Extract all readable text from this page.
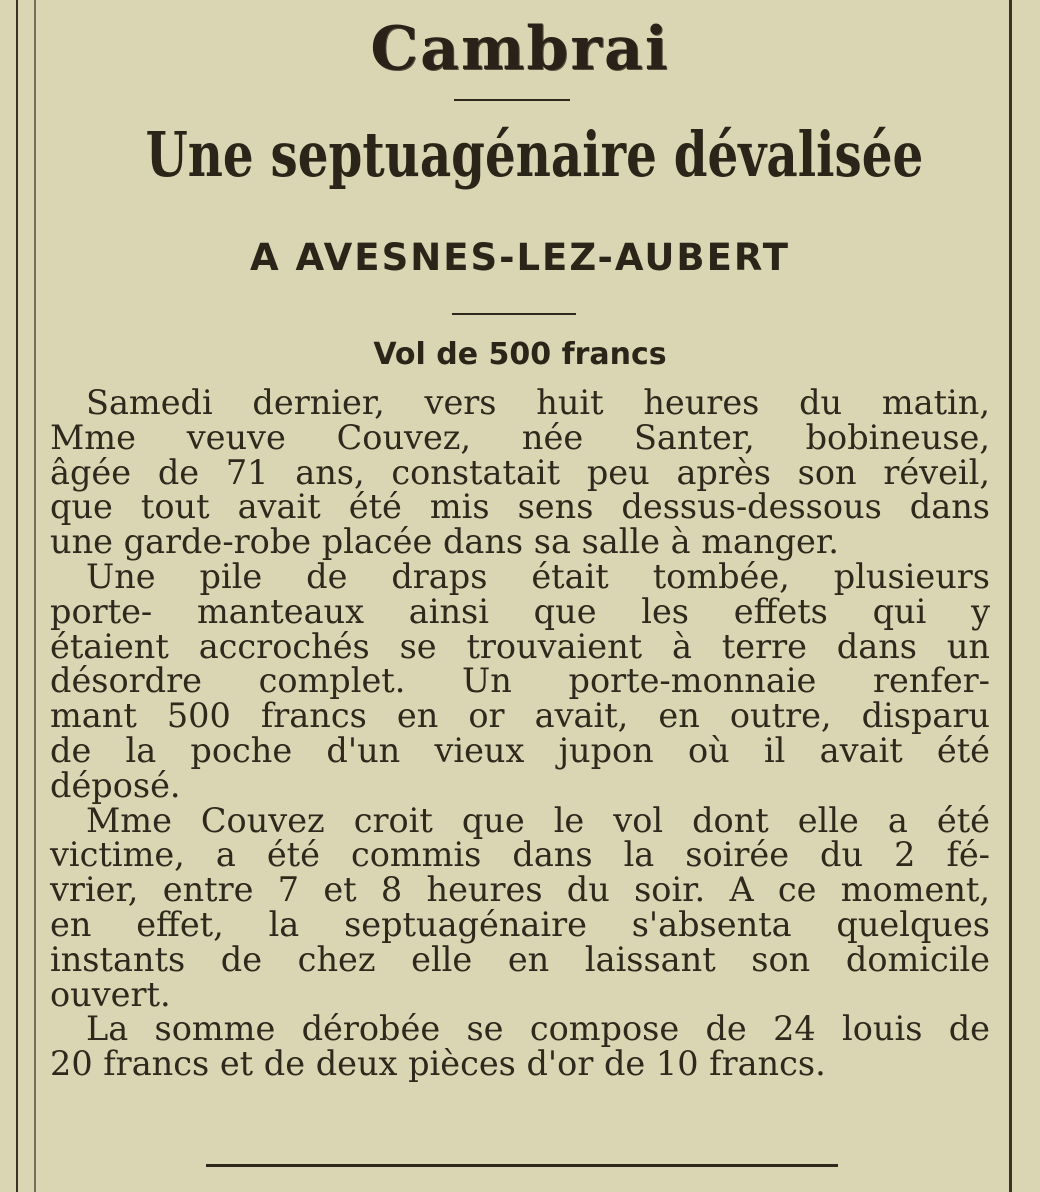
Cambrai
Une septuagénaire dévalisée
A AVESNES-LEZ-AUBERT
Vol de 500 francs
Samedi dernier, vers huit heures du matin,
Mme veuve Couvez, née Santer, bobineuse,
âgée de 71 ans, constatait peu après son réveil,
que tout avait été mis sens dessus-dessous dans
une garde-robe placée dans sa salle à manger.
Une pile de draps était tombée, plusieurs
porte- manteaux ainsi que les effets qui y
étaient accrochés se trouvaient à terre dans un
désordre complet. Un porte-monnaie renfer-
mant 500 francs en or avait, en outre, disparu
de la poche d'un vieux jupon où il avait été
déposé.
Mme Couvez croit que le vol dont elle a été
victime, a été commis dans la soirée du 2 fé-
vrier, entre 7 et 8 heures du soir. A ce moment,
en effet, la septuagénaire s'absenta quelques
instants de chez elle en laissant son domicile
ouvert.
La somme dérobée se compose de 24 louis de
20 francs et de deux pièces d'or de 10 francs.
